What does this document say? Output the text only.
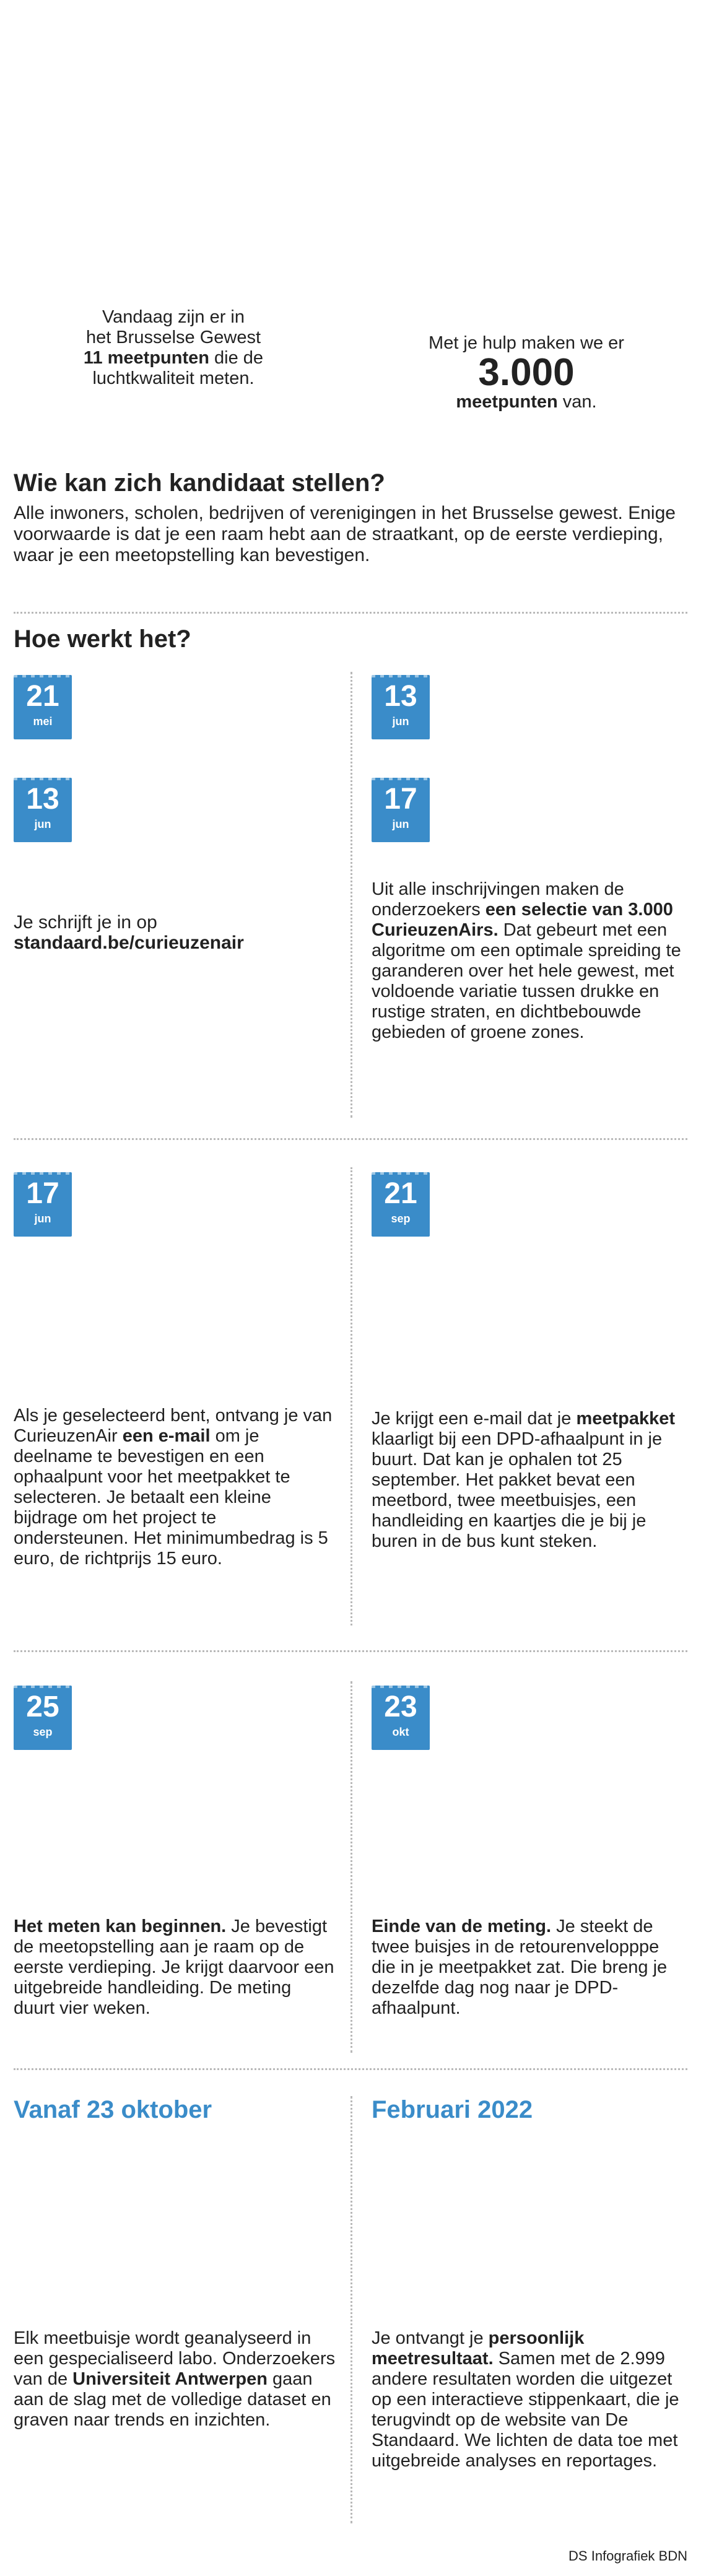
Vandaag zijn er in
het Brusselse Gewest
11 meetpunten die de
luchtkwaliteit meten.
Met je hulp maken we er
3.000
meetpunten van.
Wie kan zich kandidaat stellen?
Alle inwoners, scholen, bedrijven of verenigingen in het Brusselse gewest. Enige voorwaarde is dat je een raam hebt aan de straatkant, op de eerste verdieping, waar je een meetopstelling kan bevestigen.
Hoe werkt het?
21
mei
13
jun
Je schrijft je in op
standaard.be/curieuzenair
13
jun
17
jun
Uit alle inschrijvingen maken de onderzoekers een selectie van 3.000 CurieuzenAirs. Dat gebeurt met een algoritme om een optimale spreiding te garanderen over het hele gewest, met voldoende variatie tussen drukke en rustige straten, en dichtbebouwde gebieden of groene zones.
17
jun
@
Als je geselecteerd bent, ontvang je van CurieuzenAir een e-mail om je deelname te bevestigen en een ophaalpunt voor het meetpakket te selecteren. Je betaalt een kleine bijdrage om het project te ondersteunen. Het minimumbedrag is 5 euro, de richtprijs 15 euro.
21
sep
Je krijgt een e-mail dat je meetpakket klaarligt bij een DPD-afhaalpunt in je buurt. Dat kan je ophalen tot 25 september. Het pakket bevat een meetbord, twee meetbuisjes, een handleiding en kaartjes die je bij je buren in de bus kunt steken.
25
sep
Het meten kan beginnen. Je bevestigt de meetopstelling aan je raam op de eerste verdieping. Je krijgt daarvoor een uitgebreide handleiding. De meting duurt vier weken.
23
okt
Einde van de meting. Je steekt de twee buisjes in de retourenvelopppe die in je meetpakket zat. Die breng je dezelfde dag nog naar je DPD-afhaalpunt.
Vanaf 23 oktober
Elk meetbuisje wordt geanalyseerd in een gespecialiseerd labo. Onderzoekers van de Universiteit Antwerpen gaan aan de slag met de volledige dataset en graven naar trends en inzichten.
Februari 2022
Je ontvangt je persoonlijk meetresultaat. Samen met de 2.999 andere resultaten worden die uitgezet op een interactieve stippenkaart, die je terugvindt op de website van De Standaard. We lichten de data toe met uitgebreide analyses en reportages.
DS Infografiek BDN
